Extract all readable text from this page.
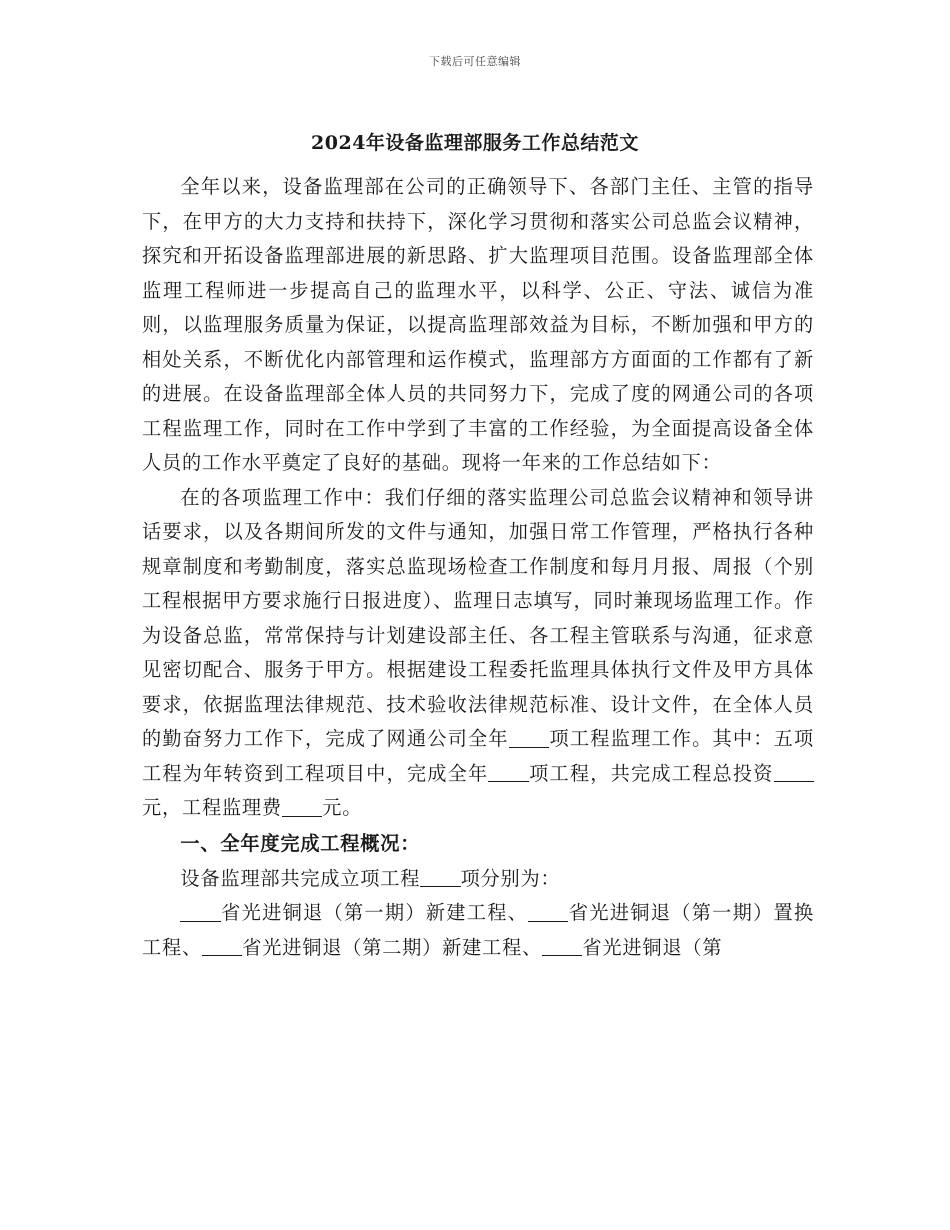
下载后可任意编辑
2024年设备监理部服务工作总结范文

全年以来，设备监理部在公司的正确领导下、各部门主任、主管的指导下，在甲方的大力支持和扶持下，深化学习贯彻和落实公司总监会议精神，探究和开拓设备监理部进展的新思路、扩大监理项目范围。设备监理部全体监理工程师进一步提高自己的监理水平，以科学、公正、守法、诚信为准则，以监理服务质量为保证，以提高监理部效益为目标，不断加强和甲方的相处关系，不断优化内部管理和运作模式，监理部方方面面的工作都有了新的进展。在设备监理部全体人员的共同努力下，完成了度的网通公司的各项工程监理工作，同时在工作中学到了丰富的工作经验，为全面提高设备全体人员的工作水平奠定了良好的基础。现将一年来的工作总结如下：

在的各项监理工作中：我们仔细的落实监理公司总监会议精神和领导讲话要求，以及各期间所发的文件与通知，加强日常工作管理，严格执行各种规章制度和考勤制度，落实总监现场检查工作制度和每月月报、周报（个别工程根据甲方要求施行日报进度）、监理日志填写，同时兼现场监理工作。作为设备总监，常常保持与计划建设部主任、各工程主管联系与沟通，征求意见密切配合、服务于甲方。根据建设工程委托监理具体执行文件及甲方具体要求，依据监理法律规范、技术验收法律规范标准、设计文件，在全体人员的勤奋努力工作下，完成了网通公司全年 项工程监理工作。其中：五项工程为年转资到工程项目中，完成全年 项工程，共完成工程总投资元，工程监理费 元。

一、全年度完成工程概况：

设备监理部共完成立项工程 项分别为：

省光进铜退（第一期）新建工程、 省光进铜退（第一期）置换工程、 省光进铜退（第二期）新建工程、 省光进铜退（第
